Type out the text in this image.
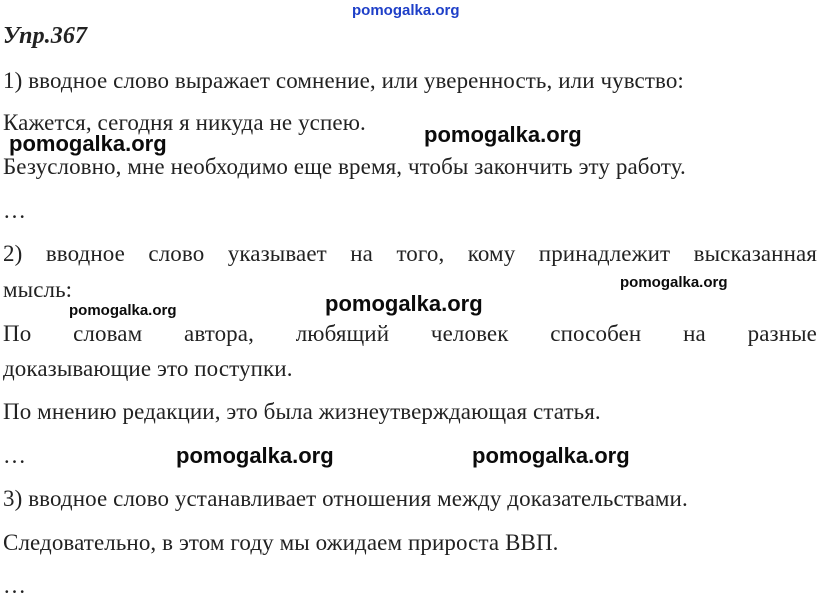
pomogalka.org
Упр.367
1) вводное слово выражает сомнение, или уверенность, или чувство:
Кажется, сегодня я никуда не успею.
Безусловно, мне необходимо еще время, чтобы закончить эту работу.
…
2) вводное слово указывает на того, кому принадлежит высказанная
мысль:
По словам автора, любящий человек способен на разные
доказывающие это поступки.
По мнению редакции, это была жизнеутверждающая статья.
…
3) вводное слово устанавливает отношения между доказательствами.
Следовательно, в этом году мы ожидаем прироста ВВП.
…
pomogalka.org
pomogalka.org
pomogalka.org
pomogalka.org
pomogalka.org
pomogalka.org	pomogalka.org
